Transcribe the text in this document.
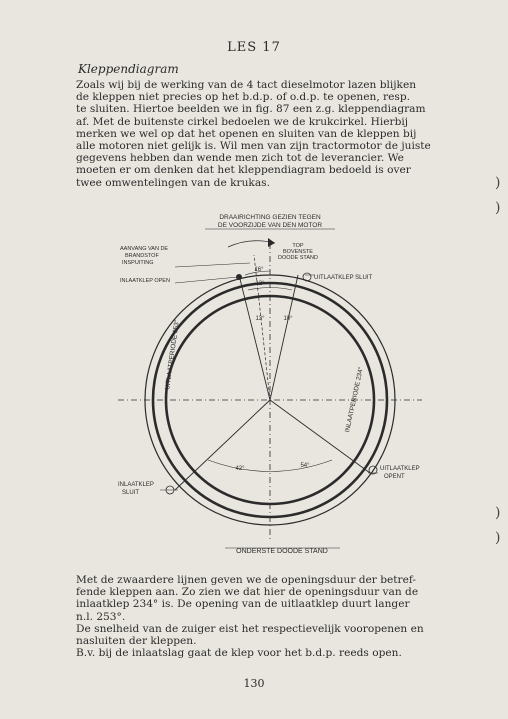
LES 17
Kleppendiagram
Zoals wij bij de werking van de 4 tact dieselmotor lazen blijken
de kleppen niet precies op het b.d.p. of o.d.p. te openen, resp.
te sluiten. Hiertoe beelden we in fig. 87 een z.g. kleppendiagram
af. Met de buitenste cirkel bedoelen we de krukcirkel. Hierbij
merken we wel op dat het openen en sluiten van de kleppen bij
alle motoren niet gelijk is. Wil men van zijn tractormotor de juiste
gegevens hebben dan wende men zich tot de leverancier. We
moeten er om denken dat het kleppendiagram bedoeld is over
twee omwentelingen van de krukas.
DRAAIRICHTING GEZIEN TEGEN
DE VOORZIJDE VAN DEN MOTOR
TOP
BOVENSTE
DOODE STAND
AANVANG VAN DE
BRANDSTOF
INSPUITING
INLAATKLEP OPEN	UITLAATKLEP SLUIT
INLAATKLEP
SLUIT
UITLAATKLEP
OPENT
UITLAATPERIODE 253°
INLAATPERIODE 234°
ONDERSTE DOODE STAND
16°
12°
13°	10°
42°	54°
Met de zwaardere lijnen geven we de openingsduur der betref-
fende kleppen aan. Zo zien we dat hier de openingsduur van de
inlaatklep 234° is. De opening van de uitlaatklep duurt langer
n.l. 253°.
De snelheid van de zuiger eist het respectievelijk vooropenen en
nasluiten der kleppen.
B.v. bij de inlaatslag gaat de klep voor het b.d.p. reeds open.
130
)
)
)
)
